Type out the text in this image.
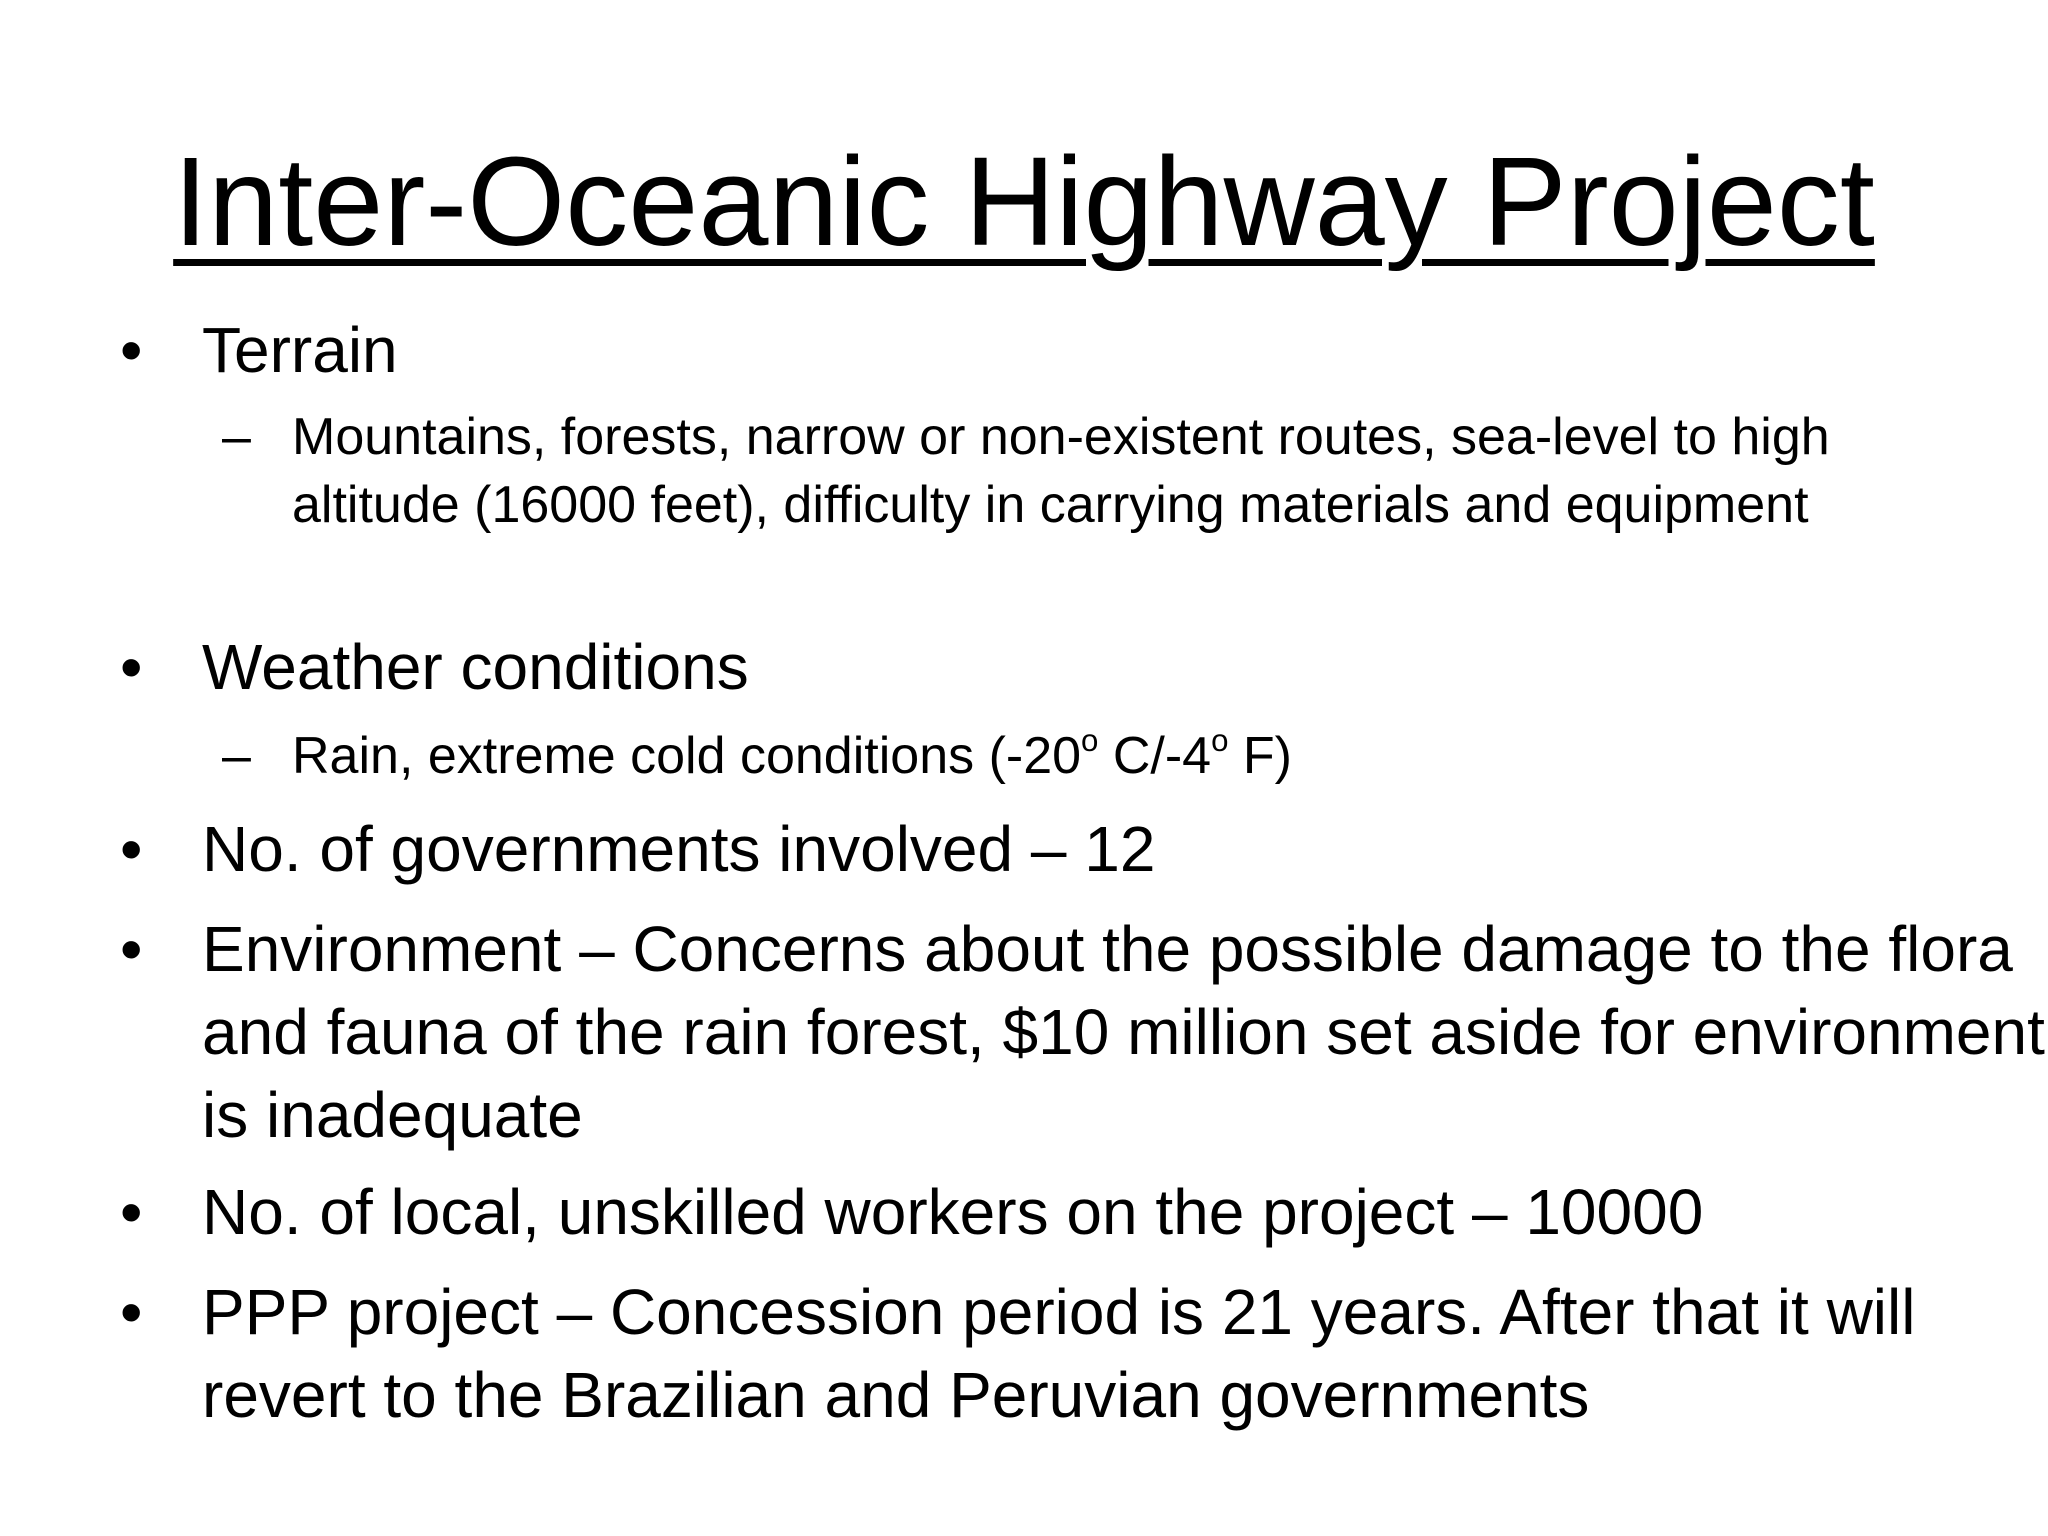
Inter-Oceanic Highway Project
• Terrain
– Mountains, forests, narrow or non-existent routes, sea-level to high altitude (16000 feet), difficulty in carrying materials and equipment
• Weather conditions
– Rain, extreme cold conditions (-20$^o$ C/-4$^o$ F)
• No. of governments involved – 12
• Environment – Concerns about the possible damage to the flora and fauna of the rain forest, $10 million set aside for environment is inadequate
• No. of local, unskilled workers on the project – 10000
• PPP project – Concession period is 21 years. After that it will revert to the Brazilian and Peruvian governments
